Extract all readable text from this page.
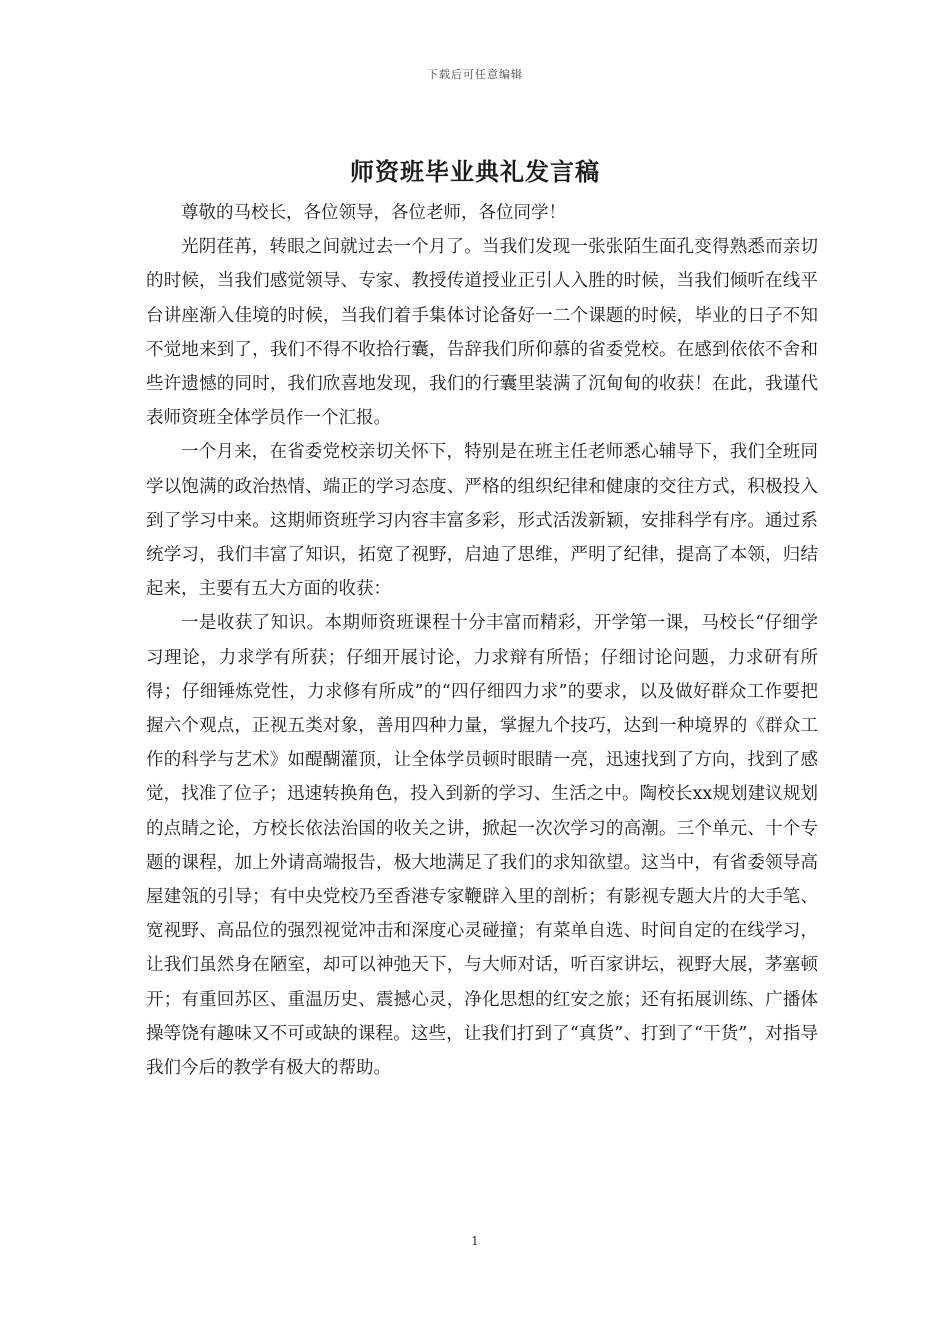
下载后可任意编辑
师资班毕业典礼发言稿

尊敬的马校长，各位领导，各位老师，各位同学！

光阴荏苒，转眼之间就过去一个月了。当我们发现一张张陌生面孔变得熟悉而亲切的时候，当我们感觉领导、专家、教授传道授业正引人入胜的时候，当我们倾听在线平台讲座渐入佳境的时候，当我们着手集体讨论备好一二个课题的时候，毕业的日子不知不觉地来到了，我们不得不收拾行囊，告辞我们所仰慕的省委党校。在感到依依不舍和些许遗憾的同时，我们欣喜地发现，我们的行囊里装满了沉甸甸的收获！在此，我谨代表师资班全体学员作一个汇报。

一个月来，在省委党校亲切关怀下，特别是在班主任老师悉心辅导下，我们全班同学以饱满的政治热情、端正的学习态度、严格的组织纪律和健康的交往方式，积极投入到了学习中来。这期师资班学习内容丰富多彩，形式活泼新颖，安排科学有序。通过系统学习，我们丰富了知识，拓宽了视野，启迪了思维，严明了纪律，提高了本领，归结起来，主要有五大方面的收获：

一是收获了知识。本期师资班课程十分丰富而精彩，开学第一课，马校长“仔细学习理论，力求学有所获；仔细开展讨论，力求辩有所悟；仔细讨论问题，力求研有所得；仔细锤炼党性，力求修有所成”的“四仔细四力求”的要求，以及做好群众工作要把握六个观点，正视五类对象，善用四种力量，掌握九个技巧，达到一种境界的《群众工作的科学与艺术》如醍醐灌顶，让全体学员顿时眼睛一亮，迅速找到了方向，找到了感觉，找准了位子；迅速转换角色，投入到新的学习、生活之中。陶校长xx规划建议规划的点睛之论，方校长依法治国的收关之讲，掀起一次次学习的高潮。三个单元、十个专题的课程，加上外请高端报告，极大地满足了我们的求知欲望。这当中，有省委领导高屋建瓴的引导；有中央党校乃至香港专家鞭辟入里的剖析；有影视专题大片的大手笔、宽视野、高品位的强烈视觉冲击和深度心灵碰撞；有菜单自选、时间自定的在线学习，让我们虽然身在陋室，却可以神弛天下，与大师对话，听百家讲坛，视野大展，茅塞顿开；有重回苏区、重温历史、震撼心灵，净化思想的红安之旅；还有拓展训练、广播体操等饶有趣味又不可或缺的课程。这些，让我们打到了“真货”、打到了“干货”，对指导我们今后的教学有极大的帮助。

1
